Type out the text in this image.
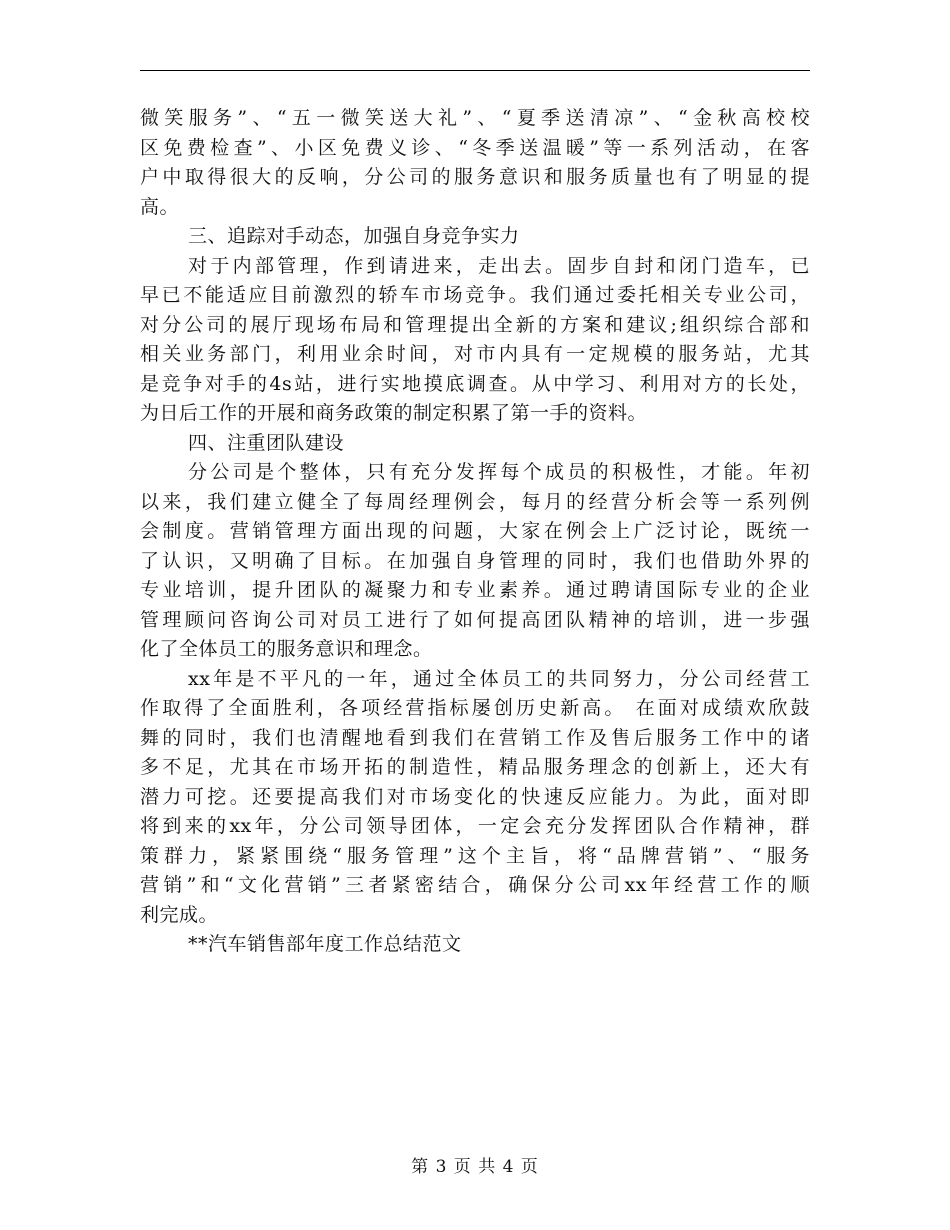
微笑服务”、“五一微笑送大礼”、“夏季送清凉”、“金秋高校校
区免费检查”、小区免费义诊、“冬季送温暖”等一系列活动，在客
户中取得很大的反响，分公司的服务意识和服务质量也有了明显的提
高。
三、追踪对手动态，加强自身竞争实力
对于内部管理，作到请进来，走出去。固步自封和闭门造车，已
早已不能适应目前激烈的轿车市场竞争。我们通过委托相关专业公司，
对分公司的展厅现场布局和管理提出全新的方案和建议;组织综合部和
相关业务部门，利用业余时间，对市内具有一定规模的服务站，尤其
是竞争对手的4s站，进行实地摸底调查。从中学习、利用对方的长处，
为日后工作的开展和商务政策的制定积累了第一手的资料。
四、注重团队建设
分公司是个整体，只有充分发挥每个成员的积极性，才能。年初
以来，我们建立健全了每周经理例会，每月的经营分析会等一系列例
会制度。营销管理方面出现的问题，大家在例会上广泛讨论，既统一
了认识，又明确了目标。在加强自身管理的同时，我们也借助外界的
专业培训，提升团队的凝聚力和专业素养。通过聘请国际专业的企业
管理顾问咨询公司对员工进行了如何提高团队精神的培训，进一步强
化了全体员工的服务意识和理念。
xx年是不平凡的一年，通过全体员工的共同努力，分公司经营工
作取得了全面胜利，各项经营指标屡创历史新高。 在面对成绩欢欣鼓
舞的同时，我们也清醒地看到我们在营销工作及售后服务工作中的诸
多不足，尤其在市场开拓的制造性，精品服务理念的创新上，还大有
潜力可挖。还要提高我们对市场变化的快速反应能力。为此，面对即
将到来的xx年，分公司领导团体，一定会充分发挥团队合作精神，群
策群力，紧紧围绕“服务管理”这个主旨，将“品牌营销”、“服务
营销”和“文化营销”三者紧密结合，确保分公司xx年经营工作的顺
利完成。
**汽车销售部年度工作总结范文
第 3 页 共 4 页
